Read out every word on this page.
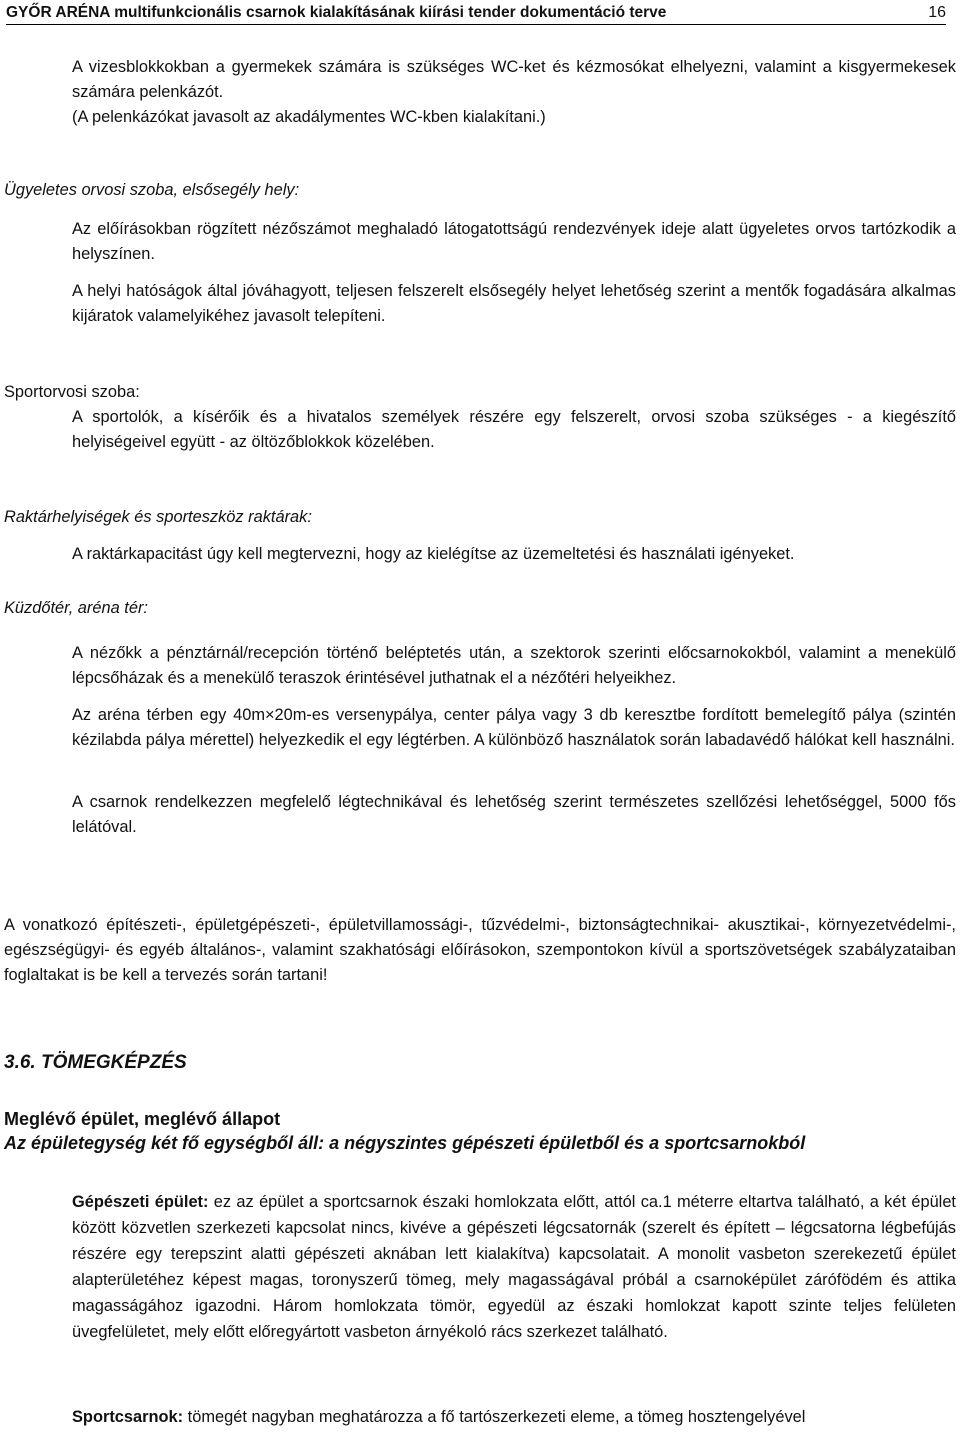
GYŐR ARÉNA multifunkcionális csarnok kialakításának kiírási tender dokumentáció terve	16

A vizesblokkokban a gyermekek számára is szükséges WC-ket és kézmosókat elhelyezni, valamint a kisgyermekesek számára pelenkázót.

(A pelenkázókat javasolt az akadálymentes WC-kben kialakítani.)

Ügyeletes orvosi szoba, elsősegély hely:

Az előírásokban rögzített nézőszámot meghaladó látogatottságú rendezvények ideje alatt ügyeletes orvos tartózkodik a helyszínen.

A helyi hatóságok által jóváhagyott, teljesen felszerelt elsősegély helyet lehetőség szerint a mentők fogadására alkalmas kijáratok valamelyikéhez javasolt telepíteni.

Sportorvosi szoba:

A sportolók, a kísérőik és a hivatalos személyek részére egy felszerelt, orvosi szoba szükséges - a kiegészítő helyiségeivel együtt - az öltözőblokkok közelében.

Raktárhelyiségek és sporteszköz raktárak:

A raktárkapacitást úgy kell megtervezni, hogy az kielégítse az üzemeltetési és használati igényeket.

Küzdőtér, aréna tér:

A nézőkk a pénztárnál/recepción történő beléptetés után, a szektorok szerinti előcsarnokokból, valamint a menekülő lépcsőházak és a menekülő teraszok érintésével juthatnak el a nézőtéri helyeikhez.

Az aréna térben egy 40m×20m-es versenypálya, center pálya vagy 3 db keresztbe fordított bemelegítő pálya (szintén kézilabda pálya mérettel) helyezkedik el egy légtérben. A különböző használatok során labadavédő hálókat kell használni.

A csarnok rendelkezzen megfelelő légtechnikával és lehetőség szerint természetes szellőzési lehetőséggel, 5000 fős lelátóval.

A vonatkozó építészeti-, épületgépészeti-, épületvillamossági-, tűzvédelmi-, biztonságtechnikai- akusztikai-, környezetvédelmi-, egészségügyi- és egyéb általános-, valamint szakhatósági előírásokon, szempontokon kívül a sportszövetségek szabályzataiban foglaltakat is be kell a tervezés során tartani!

3.6. TÖMEGKÉPZÉS

Meglévő épület, meglévő állapot

Az épületegység két fő egységből áll: a négyszintes gépészeti épületből és a sportcsarnokból

Gépészeti épület: ez az épület a sportcsarnok északi homlokzata előtt, attól ca.1 méterre eltartva található, a két épület között közvetlen szerkezeti kapcsolat nincs, kivéve a gépészeti légcsatornák (szerelt és épített – légcsatorna légbefújás részére egy terepszint alatti gépészeti aknában lett kialakítva) kapcsolatait. A monolit vasbeton szerekezetű épület alapterületéhez képest magas, toronyszerű tömeg, mely magasságával próbál a csarnoképület zárófödém és attika magasságához igazodni. Három homlokzata tömör, egyedül az északi homlokzat kapott szinte teljes felületen üvegfelületet, mely előtt előregyártott vasbeton árnyékoló rács szerkezet található.

Sportcsarnok: tömegét nagyban meghatározza a fő tartószerkezeti eleme, a tömeg hosztengelyével
